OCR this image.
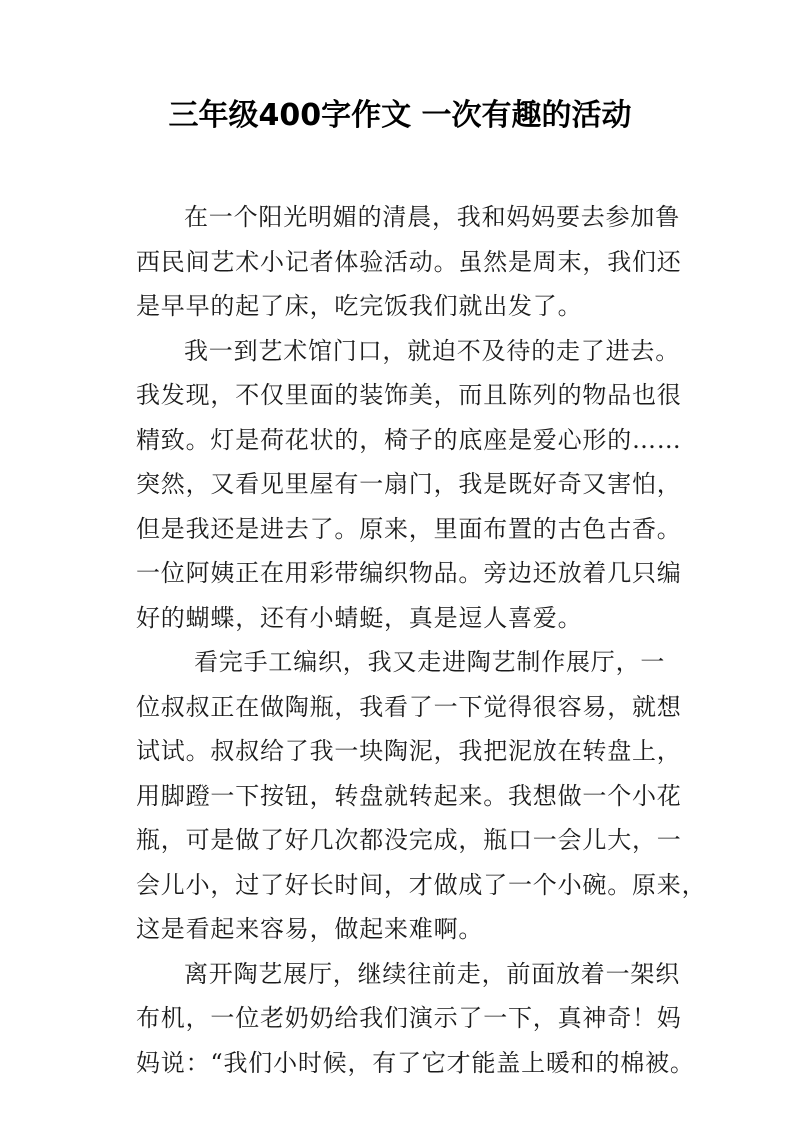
三年级400字作文 一次有趣的活动
在一个阳光明媚的清晨，我和妈妈要去参加鲁
西民间艺术小记者体验活动。虽然是周末，我们还
是早早的起了床，吃完饭我们就出发了。
我一到艺术馆门口，就迫不及待的走了进去。
我发现，不仅里面的装饰美，而且陈列的物品也很
精致。灯是荷花状的，椅子的底座是爱心形的……
突然，又看见里屋有一扇门，我是既好奇又害怕，
但是我还是进去了。原来，里面布置的古色古香。
一位阿姨正在用彩带编织物品。旁边还放着几只编
好的蝴蝶，还有小蜻蜓，真是逗人喜爱。
看完手工编织，我又走进陶艺制作展厅，一
位叔叔正在做陶瓶，我看了一下觉得很容易，就想
试试。叔叔给了我一块陶泥，我把泥放在转盘上，
用脚蹬一下按钮，转盘就转起来。我想做一个小花
瓶，可是做了好几次都没完成，瓶口一会儿大，一
会儿小，过了好长时间，才做成了一个小碗。原来，
这是看起来容易，做起来难啊。
离开陶艺展厅，继续往前走，前面放着一架织
布机，一位老奶奶给我们演示了一下，真神奇！妈
妈说：“我们小时候，有了它才能盖上暖和的棉被。
